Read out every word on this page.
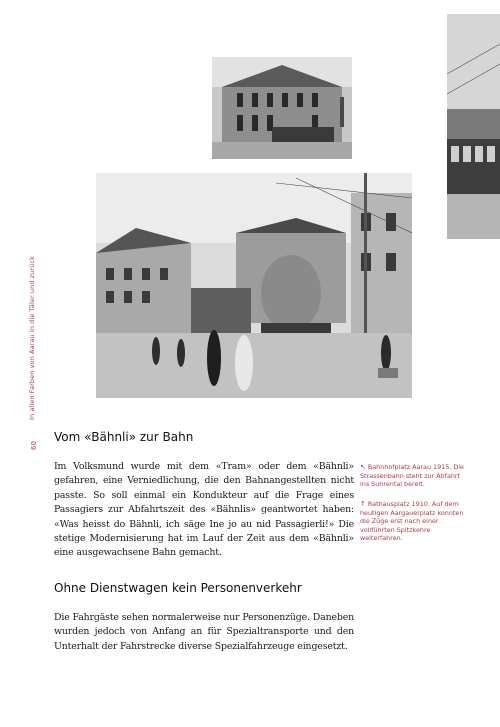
In allen Farben von Aarau in die Täler und zurück
60
Vom «Bähnli» zur Bahn

Im Volksmund wurde mit dem «Tram» oder dem «Bähnli» gefahren, eine Verniedlichung, die den Bahnangestellten nicht passte. So soll einmal ein Kondukteur auf die Frage eines Passagiers zur Abfahrtszeit des «Bähnlis» geantwortet haben: «Was heisst do Bähnli, ich säge Ine jo au nid Passagierli!» Die stetige Modernisierung hat im Lauf der Zeit aus dem «Bähnli» eine ausgewachsene Bahn gemacht.

↖ Bahnhofplatz Aarau 1915. Die Strassenbahn steht zur Abfahrt ins Suhrental bereit.
↑ Rathausplatz 1910. Auf dem heutigen Aargauerplatz konnten die Züge erst nach einer vollführten Spitzkehre weiterfahren.
Ohne Dienstwagen kein Personenverkehr

Die Fahrgäste sehen normalerweise nur Personenzüge. Daneben wurden jedoch von Anfang an für Spezialtransporte und den Unterhalt der Fahrstrecke diverse Spezialfahrzeuge eingesetzt.
